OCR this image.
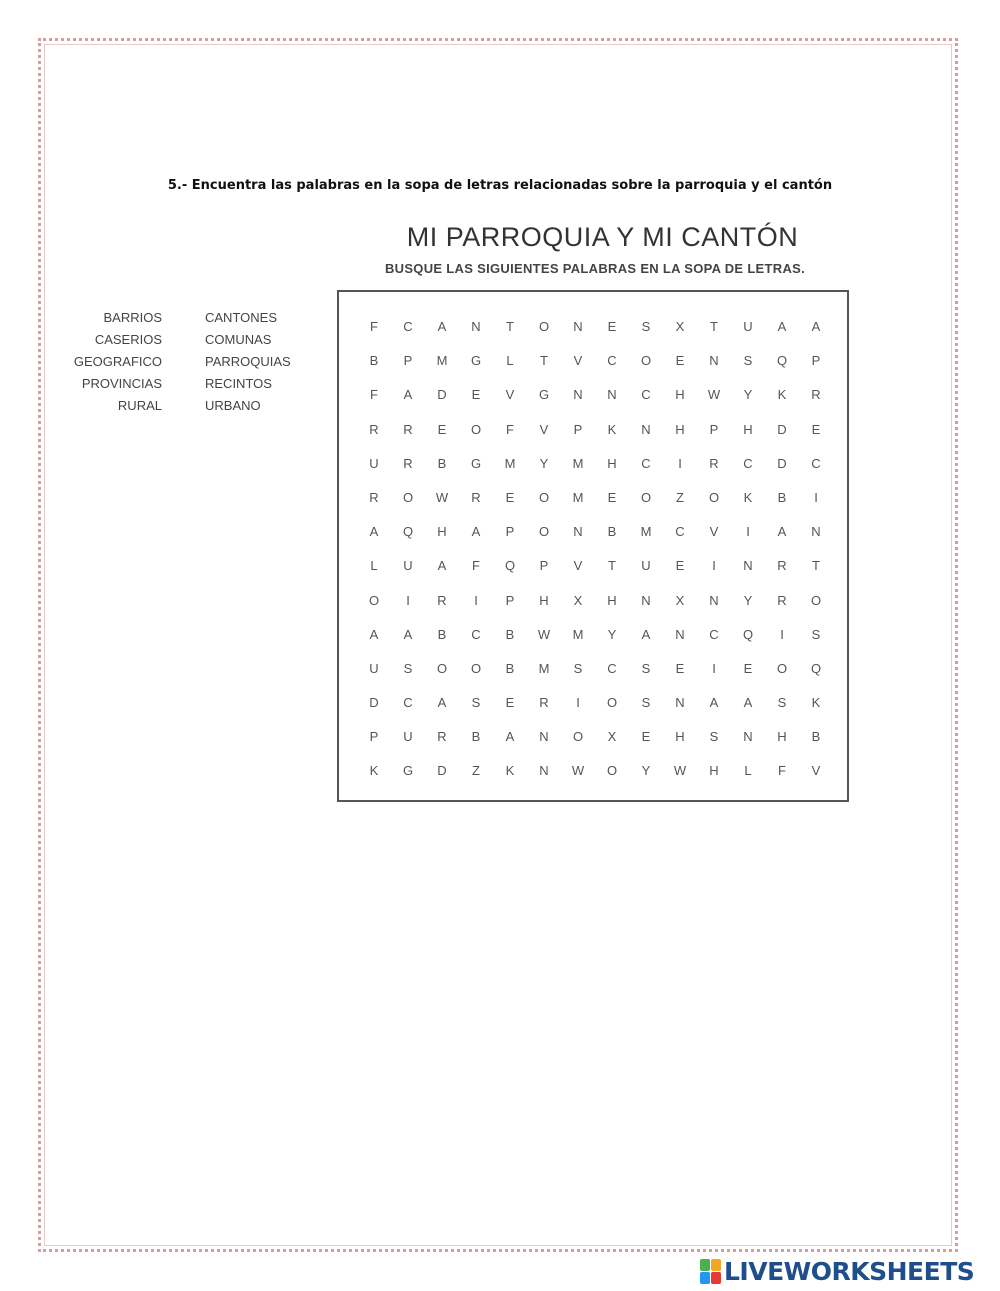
5.- Encuentra las palabras en la sopa de letras relacionadas sobre la parroquia y el cantón
MI PARROQUIA Y MI CANTÓN
BUSQUE LAS SIGUIENTES PALABRAS EN LA SOPA DE LETRAS.
BARRIOS
CASERIOS
GEOGRAFICO
PROVINCIAS
RURAL
CANTONES
COMUNAS
PARROQUIAS
RECINTOS
URBANO
F	C	A	N	T	O	N	E	S	X	T	U	A	A
B	P	M	G	L	T	V	C	O	E	N	S	Q	P
F	A	D	E	V	G	N	N	C	H	W	Y	K	R
R	R	E	O	F	V	P	K	N	H	P	H	D	E
U	R	B	G	M	Y	M	H	C	I	R	C	D	C
R	O	W	R	E	O	M	E	O	Z	O	K	B	I
A	Q	H	A	P	O	N	B	M	C	V	I	A	N
L	U	A	F	Q	P	V	T	U	E	I	N	R	T
O	I	R	I	P	H	X	H	N	X	N	Y	R	O
A	A	B	C	B	W	M	Y	A	N	C	Q	I	S
U	S	O	O	B	M	S	C	S	E	I	E	O	Q
D	C	A	S	E	R	I	O	S	N	A	A	S	K
P	U	R	B	A	N	O	X	E	H	S	N	H	B
K	G	D	Z	K	N	W	O	Y	W	H	L	F	V
LIVEWORKSHEETS
